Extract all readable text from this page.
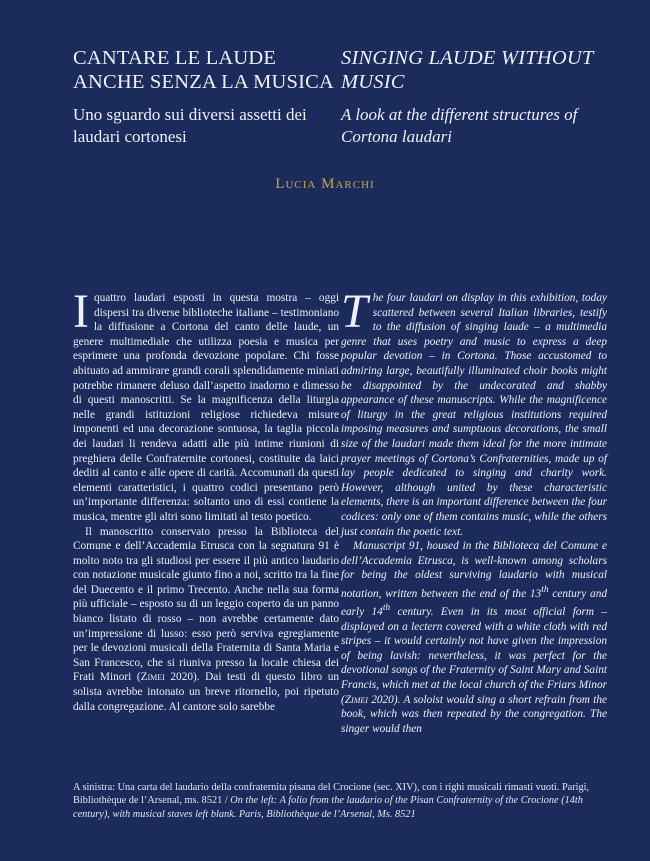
CANTARE LE LAUDE ANCHE SENZA LA MUSICA
SINGING LAUDE WITHOUT MUSIC
Uno sguardo sui diversi assetti dei laudari cortonesi
A look at the different structures of Cortona laudari
Lucia Marchi

Iquattro laudari esposti in questa mostra – oggi dispersi tra diverse biblioteche italiane – testimoniano la diffusione a Cortona del canto delle laude, un genere multimediale che utilizza poesia e musica per esprimere una profonda devozione popolare. Chi fosse abituato ad ammirare grandi corali splendidamente miniati potrebbe rimanere deluso dall’aspetto inadorno e dimesso di questi manoscritti. Se la magnificenza della liturgia nelle grandi istituzioni religiose richiedeva misure imponenti ed una decorazione sontuosa, la taglia piccola dei laudari li rendeva adatti alle più intime riunioni di preghiera delle Confraternite cortonesi, costituite da laici dediti al canto e alle opere di carità. Accomunati da questi elementi caratteristici, i quattro codici presentano però un’importante differenza: soltanto uno di essi contiene la musica, mentre gli altri sono limitati al testo poetico.

Il manoscritto conservato presso la Biblioteca del Comune e dell’Accademia Etrusca con la segnatura 91 è molto noto tra gli studiosi per essere il più antico laudario con notazione musicale giunto fino a noi, scritto tra la fine del Duecento e il primo Trecento. Anche nella sua forma più ufficiale – esposto su di un leggio coperto da un panno bianco listato di rosso – non avrebbe certamente dato un’impressione di lusso: esso però serviva egregiamente per le devozioni musicali della Fraternita di Santa Maria e San Francesco, che si riuniva presso la locale chiesa dei Frati Minori (Zimei 2020). Dai testi di questo libro un solista avrebbe intonato un breve ritornello, poi ripetuto dalla congregazione. Al cantore solo sarebbe

The four laudari on display in this exhibition, today scattered between several Italian libraries, testify to the diffusion of singing laude – a multimedia genre that uses poetry and music to express a deep popular devotion – in Cortona. Those accustomed to admiring large, beautifully illuminated choir books might be disappointed by the undecorated and shabby appearance of these manuscripts. While the magnificence of liturgy in the great religious institutions required imposing measures and sumptuous decorations, the small size of the laudari made them ideal for the more intimate prayer meetings of Cortona’s Confraternities, made up of lay people dedicated to singing and charity work. However, although united by these characteristic elements, there is an important difference between the four codices: only one of them contains music, while the others just contain the poetic text.

Manuscript 91, housed in the Biblioteca del Comune e dell’Accademia Etrusca, is well-known among scholars for being the oldest surviving laudario with musical notation, written between the end of the 13th century and early 14th century. Even in its most official form – displayed on a lectern covered with a white cloth with red stripes – it would certainly not have given the impression of being lavish: nevertheless, it was perfect for the devotional songs of the Fraternity of Saint Mary and Saint Francis, which met at the local church of the Friars Minor (Zimei 2020). A soloist would sing a short refrain from the book, which was then repeated by the congregation. The singer would then

A sinistra: Una carta del laudario della confraternita pisana del Crocione (sec. XIV), con i righi musicali rimasti vuoti. Parigi, Bibliothèque de l’Arsenal, ms. 8521 / On the left: A folio from the laudario of the Pisan Confraternity of the Crocione (14th century), with musical staves left blank. Paris, Bibliothèque de l’Arsenal, Ms. 8521
